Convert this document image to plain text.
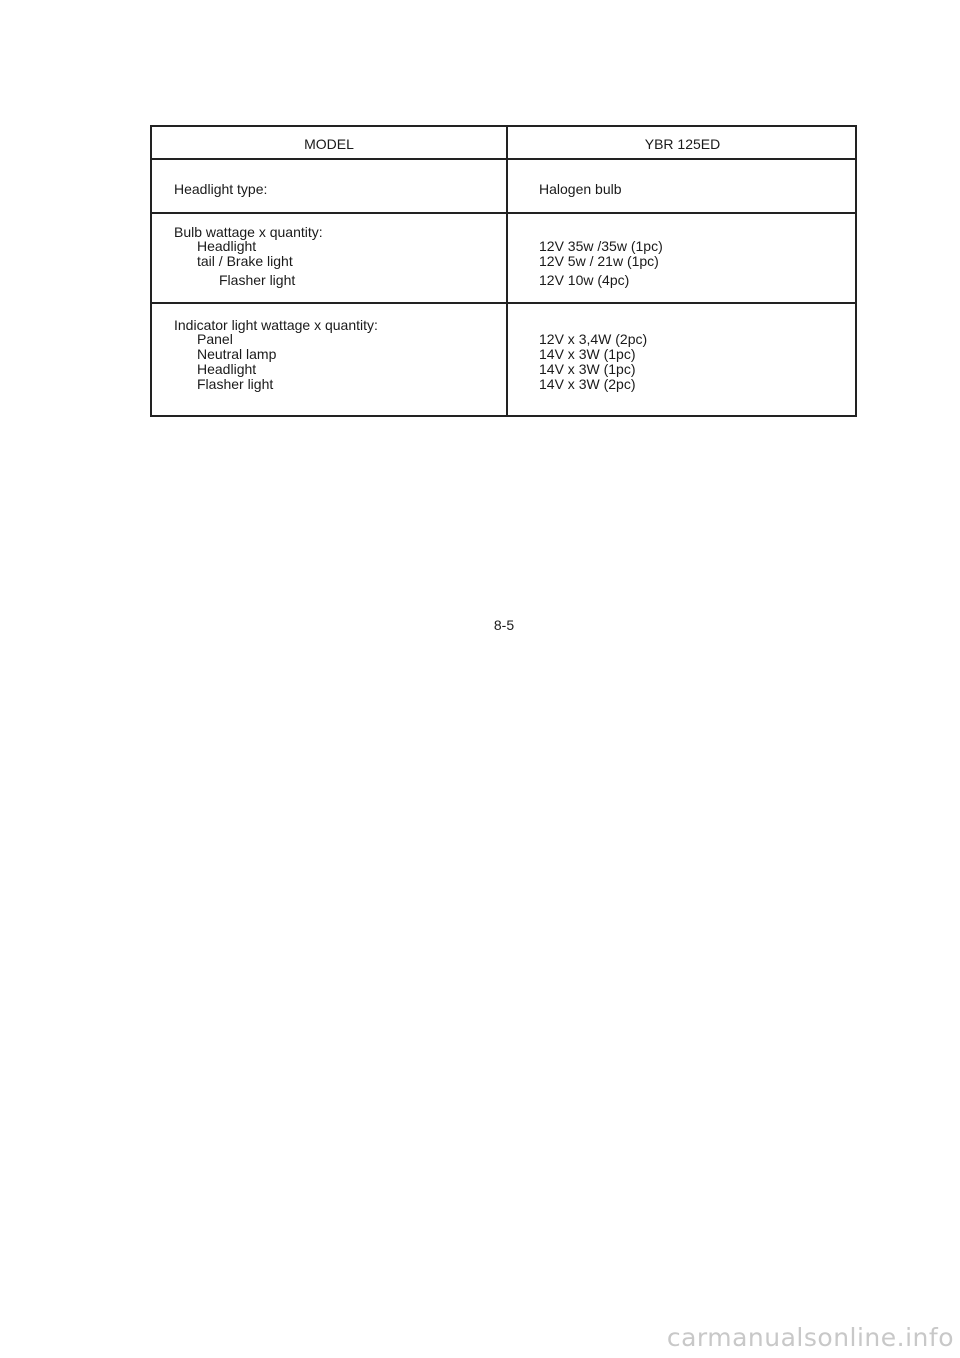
MODEL	YBR 125ED
Headlight type:	Halogen bulb
Bulb wattage x quantity:
Headlight	12V 35w /35w (1pc)
tail / Brake light	12V 5w / 21w (1pc)
Flasher light	12V 10w (4pc)
Indicator light wattage x quantity:
Panel	12V x 3,4W (2pc)
Neutral lamp	14V x 3W (1pc)
Headlight	14V x 3W (1pc)
Flasher light	14V x 3W (2pc)
8-5
carmanualsonline.info
